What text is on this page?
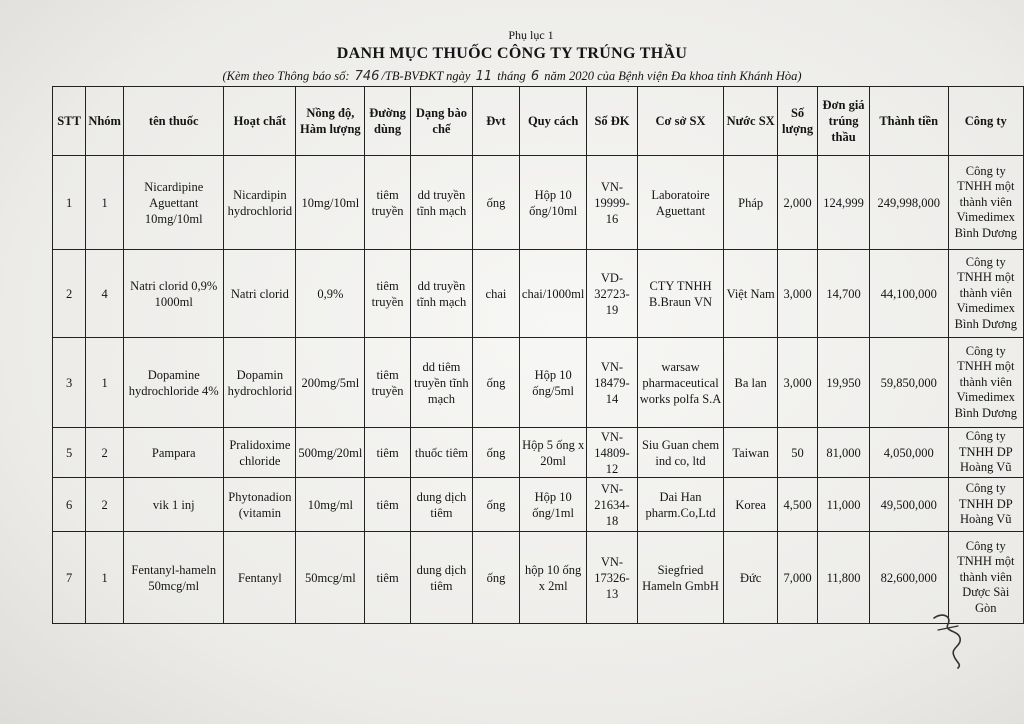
Phụ lục 1
DANH MỤC THUỐC CÔNG TY TRÚNG THẦU
(Kèm theo Thông báo số: 746 /TB-BVĐKT ngày 11 tháng 6 năm 2020 của Bệnh viện Đa khoa tỉnh Khánh Hòa)
STT	Nhóm	tên thuốc	Hoạt chất	Nồng độ, Hàm lượng	Đường dùng	Dạng bào chế	Đvt	Quy cách	Số ĐK	Cơ sở SX	Nước SX	Số lượng	Đơn giá trúng thầu	Thành tiền	Công ty
1	1	Nicardipine Aguettant 10mg/10ml	Nicardipin hydrochlorid	10mg/10ml	tiêm truyền	dd truyền tĩnh mạch	ống	Hộp 10 ống/10ml	VN-19999-16	Laboratoire Aguettant	Pháp	2,000	124,999	249,998,000	Công ty TNHH một thành viên Vimedimex Bình Dương
2	4	Natri clorid 0,9% 1000ml	Natri clorid	0,9%	tiêm truyền	dd truyền tĩnh mạch	chai	chai/1000ml	VD-32723-19	CTY TNHH B.Braun VN	Việt Nam	3,000	14,700	44,100,000	Công ty TNHH một thành viên Vimedimex Bình Dương
3	1	Dopamine hydrochloride 4%	Dopamin hydrochlorid	200mg/5ml	tiêm truyền	dd tiêm truyền tĩnh mạch	ống	Hộp 10 ống/5ml	VN-18479-14	warsaw pharmaceutical works polfa S.A	Ba lan	3,000	19,950	59,850,000	Công ty TNHH một thành viên Vimedimex Bình Dương
5	2	Pampara	Pralidoxime chloride	500mg/20ml	tiêm	thuốc tiêm	ống	Hộp 5 ống x 20ml	VN-14809-12	Siu Guan chem ind co, ltd	Taiwan	50	81,000	4,050,000	Công ty TNHH DP Hoàng Vũ
6	2	vik 1 inj	Phytonadion (vitamin	10mg/ml	tiêm	dung dịch tiêm	ống	Hộp 10 ống/1ml	VN-21634-18	Dai Han pharm.Co,Ltd	Korea	4,500	11,000	49,500,000	Công ty TNHH DP Hoàng Vũ
7	1	Fentanyl-hameln 50mcg/ml	Fentanyl	50mcg/ml	tiêm	dung dịch tiêm	ống	hộp 10 ống x 2ml	VN-17326-13	Siegfried Hameln GmbH	Đức	7,000	11,800	82,600,000	Công ty TNHH một thành viên Dược Sài Gòn
